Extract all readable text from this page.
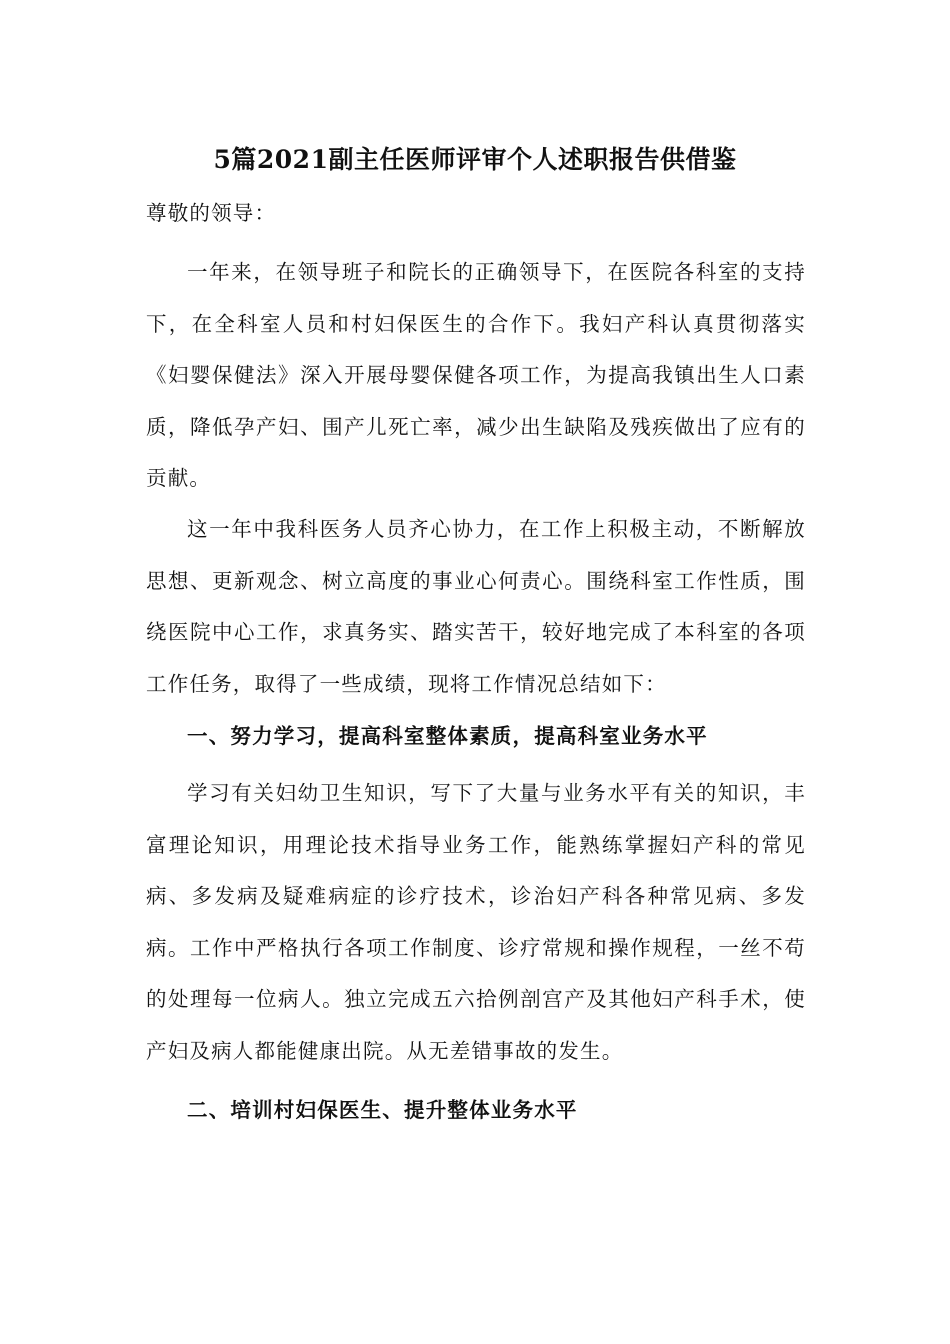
5篇2021副主任医师评审个人述职报告供借鉴

尊敬的领导：

一年来，在领导班子和院长的正确领导下，在医院各科室的支持下，在全科室人员和村妇保医生的合作下。我妇产科认真贯彻落实《妇婴保健法》深入开展母婴保健各项工作，为提高我镇出生人口素质，降低孕产妇、围产儿死亡率，减少出生缺陷及残疾做出了应有的贡献。

这一年中我科医务人员齐心协力，在工作上积极主动，不断解放思想、更新观念、树立高度的事业心何责心。围绕科室工作性质，围绕医院中心工作，求真务实、踏实苦干，较好地完成了本科室的各项工作任务，取得了一些成绩，现将工作情况总结如下：

一、努力学习，提高科室整体素质，提高科室业务水平

学习有关妇幼卫生知识，写下了大量与业务水平有关的知识，丰富理论知识，用理论技术指导业务工作，能熟练掌握妇产科的常见病、多发病及疑难病症的诊疗技术，诊治妇产科各种常见病、多发病。工作中严格执行各项工作制度、诊疗常规和操作规程，一丝不苟的处理每一位病人。独立完成五六拾例剖宫产及其他妇产科手术，使产妇及病人都能健康出院。从无差错事故的发生。

二、培训村妇保医生、提升整体业务水平
